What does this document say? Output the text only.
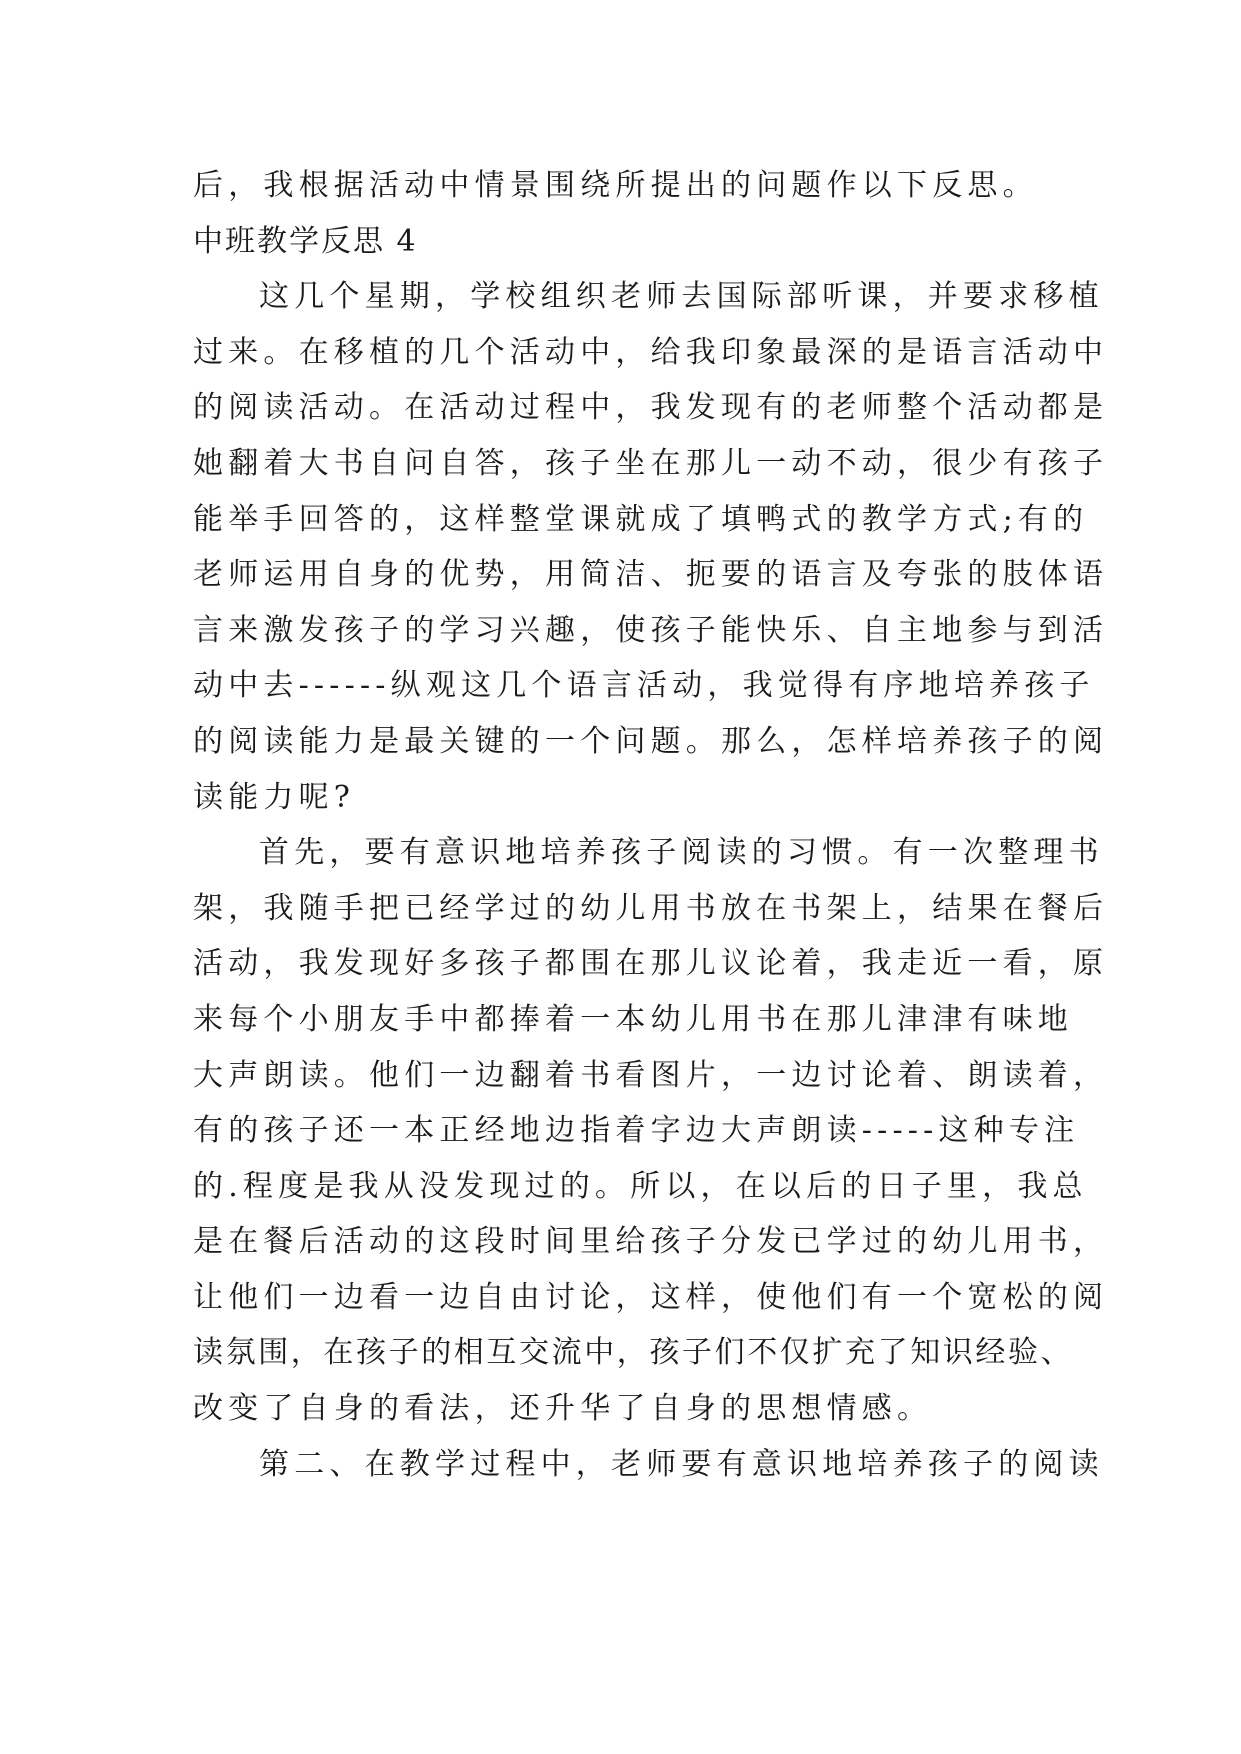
后，我根据活动中情景围绕所提出的问题作以下反思。
中班教学反思 4
这几个星期，学校组织老师去国际部听课，并要求移植
过来。在移植的几个活动中，给我印象最深的是语言活动中
的阅读活动。在活动过程中，我发现有的老师整个活动都是
她翻着大书自问自答，孩子坐在那儿一动不动，很少有孩子
能举手回答的，这样整堂课就成了填鸭式的教学方式;有的
老师运用自身的优势，用简洁、扼要的语言及夸张的肢体语
言来激发孩子的学习兴趣，使孩子能快乐、自主地参与到活
动中去------纵观这几个语言活动，我觉得有序地培养孩子
的阅读能力是最关键的一个问题。那么，怎样培养孩子的阅
读能力呢?
首先，要有意识地培养孩子阅读的习惯。有一次整理书
架，我随手把已经学过的幼儿用书放在书架上，结果在餐后
活动，我发现好多孩子都围在那儿议论着，我走近一看，原
来每个小朋友手中都捧着一本幼儿用书在那儿津津有味地
大声朗读。他们一边翻着书看图片，一边讨论着、朗读着，
有的孩子还一本正经地边指着字边大声朗读-----这种专注
的.程度是我从没发现过的。所以，在以后的日子里，我总
是在餐后活动的这段时间里给孩子分发已学过的幼儿用书，
让他们一边看一边自由讨论，这样，使他们有一个宽松的阅
读氛围，在孩子的相互交流中，孩子们不仅扩充了知识经验、
改变了自身的看法，还升华了自身的思想情感。
第二、在教学过程中，老师要有意识地培养孩子的阅读
